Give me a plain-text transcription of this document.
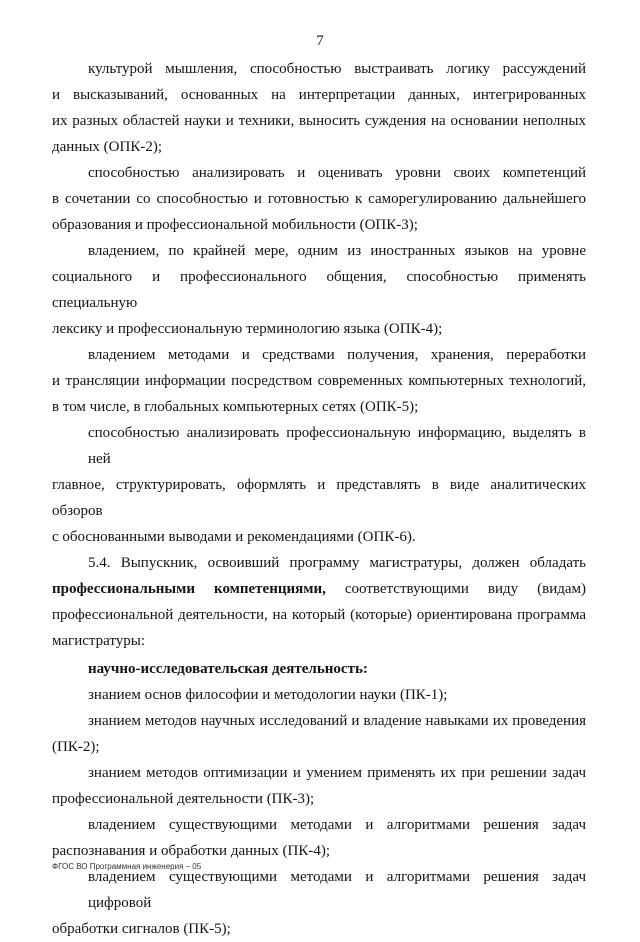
7
культурой мышления, способностью выстраивать логику рассуждений
и высказываний, основанных на интерпретации данных, интегрированных
их разных областей науки и техники, выносить суждения на основании неполных
данных (ОПК-2);
способностью анализировать и оценивать уровни своих компетенций
в сочетании со способностью и готовностью к саморегулированию дальнейшего
образования и профессиональной мобильности (ОПК-3);
владением, по крайней мере, одним из иностранных языков на уровне
социального и профессионального общения, способностью применять специальную
лексику и профессиональную терминологию языка (ОПК-4);
владением методами и средствами получения, хранения, переработки
и трансляции информации посредством современных компьютерных технологий,
в том числе, в глобальных компьютерных сетях (ОПК-5);
способностью анализировать профессиональную информацию, выделять в ней
главное, структурировать, оформлять и представлять в виде аналитических обзоров
с обоснованными выводами и рекомендациями (ОПК-6).
5.4. Выпускник, освоивший программу магистратуры, должен обладать
профессиональными компетенциями, соответствующими виду (видам)
профессиональной деятельности, на который (которые) ориентирована программа
магистратуры:
научно-исследовательская деятельность:
знанием основ философии и методологии науки (ПК-1);
знанием методов научных исследований и владение навыками их проведения
(ПК-2);
знанием методов оптимизации и умением применять их при решении задач
профессиональной деятельности (ПК-3);
владением существующими методами и алгоритмами решения задач
распознавания и обработки данных (ПК-4);
владением существующими методами и алгоритмами решения задач цифровой
обработки сигналов (ПК-5);
ФГОС ВО Программная инженерия – 05
